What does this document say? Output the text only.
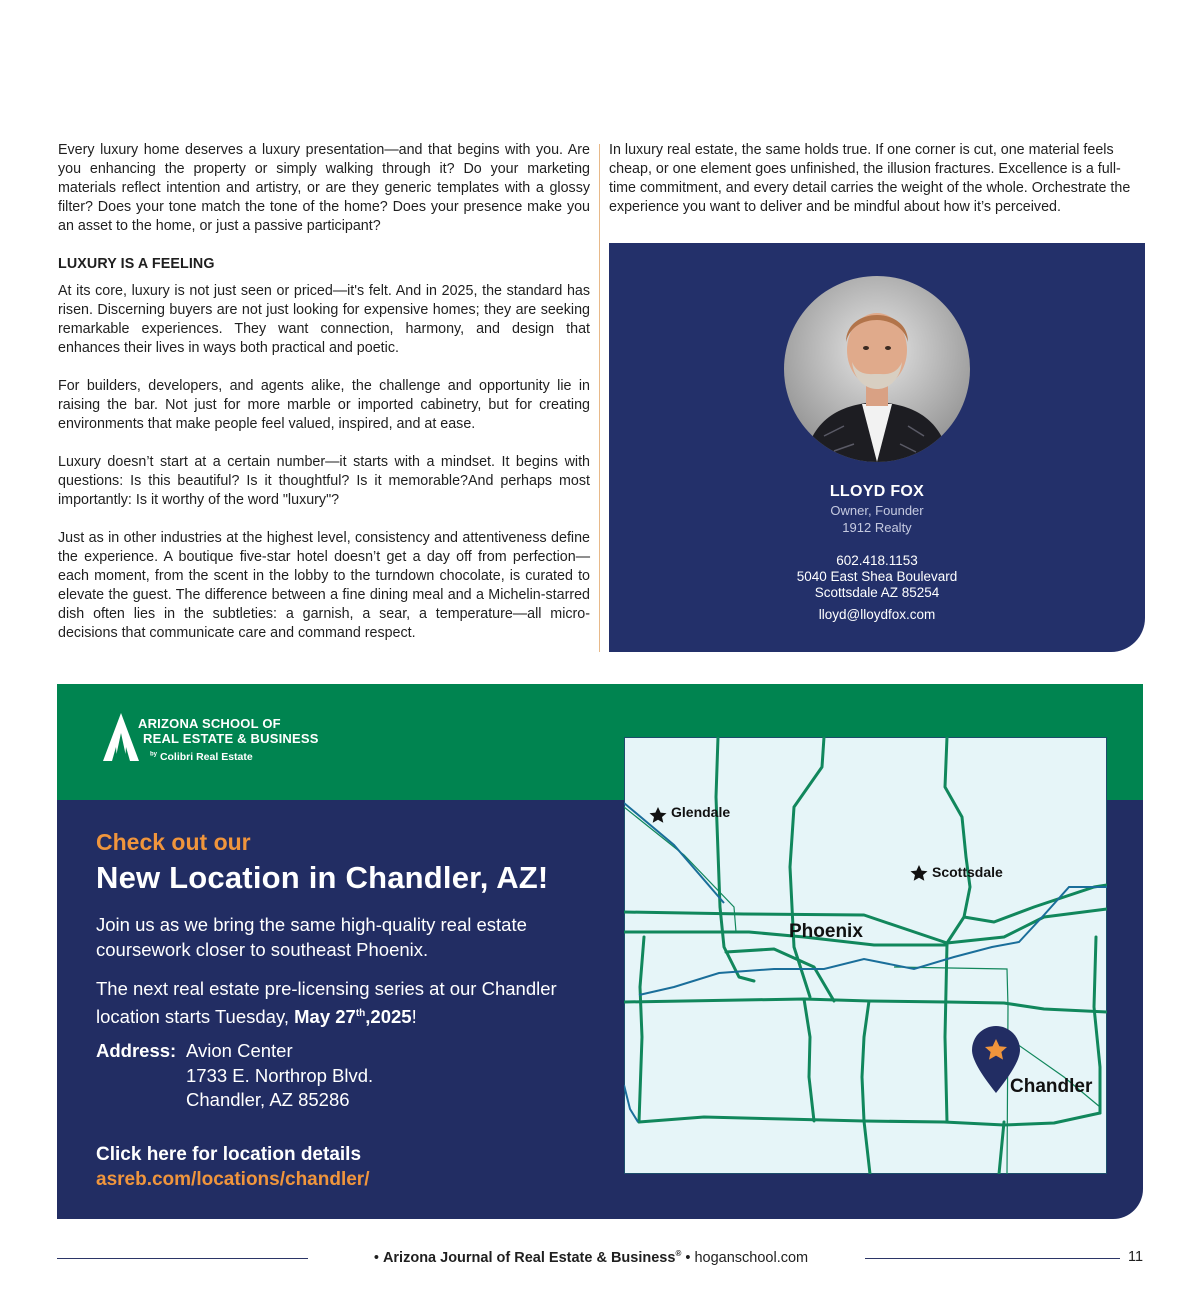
Every luxury home deserves a luxury presentation—and that begins with you. Are you enhancing the property or simply walking through it? Do your marketing materials reflect intention and artistry, or are they generic templates with a glossy filter? Does your tone match the tone of the home? Does your presence make you an asset to the home, or just a passive participant?

LUXURY IS A FEELING

At its core, luxury is not just seen or priced—it's felt. And in 2025, the standard has risen. Discerning buyers are not just looking for expensive homes; they are seeking remarkable experiences. They want connection, harmony, and design that enhances their lives in ways both practical and poetic.

For builders, developers, and agents alike, the challenge and opportunity lie in raising the bar. Not just for more marble or imported cabinetry, but for creating environments that make people feel valued, inspired, and at ease.

Luxury doesn’t start at a certain number—it starts with a mindset. It begins with questions: Is this beautiful? Is it thoughtful? Is it memorable?And perhaps most importantly: Is it worthy of the word "luxury"?

Just as in other industries at the highest level, consistency and attentiveness define the experience. A boutique five-star hotel doesn’t get a day off from perfection—each moment, from the scent in the lobby to the turndown chocolate, is curated to elevate the guest. The difference between a fine dining meal and a Michelin-starred dish often lies in the subtleties: a garnish, a sear, a temperature—all micro-decisions that communicate care and command respect.

In luxury real estate, the same holds true. If one corner is cut, one material feels cheap, or one element goes unfinished, the illusion fractures. Excellence is a full-time commitment, and every detail carries the weight of the whole. Orchestrate the experience you want to deliver and be mindful about how it’s perceived.

LLOYD FOX
Owner, Founder
1912 Realty
602.418.1153
5040 East Shea Boulevard
Scottsdale AZ 85254
lloyd@lloydfox.com
ARIZONA SCHOOL OF
REAL ESTATE & BUSINESS
$^{by}$ Colibri Real Estate
Check out our
New Location in Chandler, AZ!
Join us as we bring the same high-quality real estate coursework closer to southeast Phoenix.
The next real estate pre-licensing series at our Chandler location starts Tuesday, May 27th,2025!
Address: Avion Center
1733 E. Northrop Blvd.
Chandler, AZ 85286
Click here for location details
asreb.com/locations/chandler/
Glendale
Scottsdale
Phoenix
Chandler
• Arizona Journal of Real Estate & Business® • hoganschool.com	11
